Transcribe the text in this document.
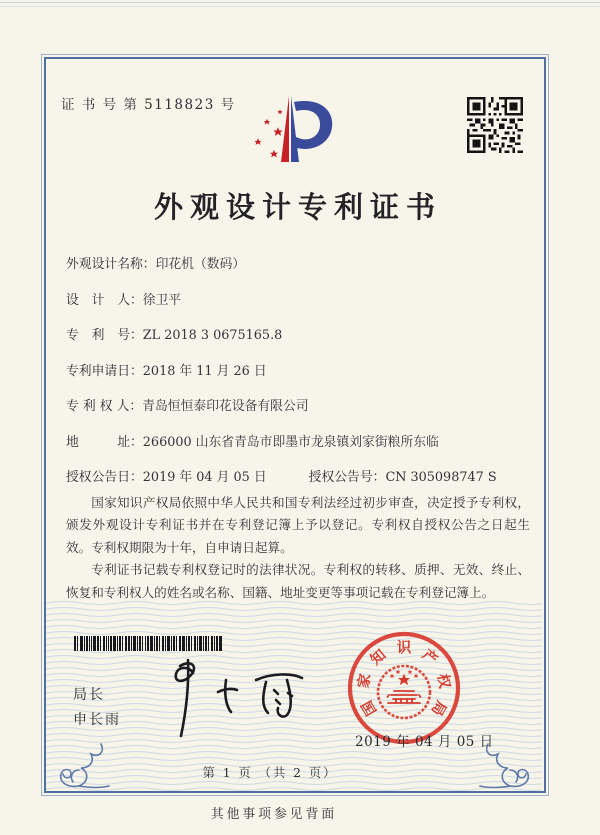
证 书 号 第 5118823 号
外观设计专利证书
外观设计名称：印花机（数码）
设　计　人：徐卫平
专　利　号：ZL 2018 3 0675165.8
专利申请日：2018 年 11 月 26 日
专 利 权 人：青岛恒恒泰印花设备有限公司
地　　　址：266000 山东省青岛市即墨市龙泉镇刘家街粮所东临
授权公告日：2019 年 04 月 05 日	授权公告号：CN 305098747 S

国家知识产权局依照中华人民共和国专利法经过初步审查，决定授予专利权，颁发外观设计专利证书并在专利登记簿上予以登记。专利权自授权公告之日起生效。专利权期限为十年，自申请日起算。

专利证书记载专利权登记时的法律状况。专利权的转移、质押、无效、终止、恢复和专利权人的姓名或名称、国籍、地址变更等事项记载在专利登记簿上。

局长
申长雨
国
家
知 识 产
权
局
2019 年 04 月 05 日
第 1 页 （共 2 页）
其他事项参见背面
